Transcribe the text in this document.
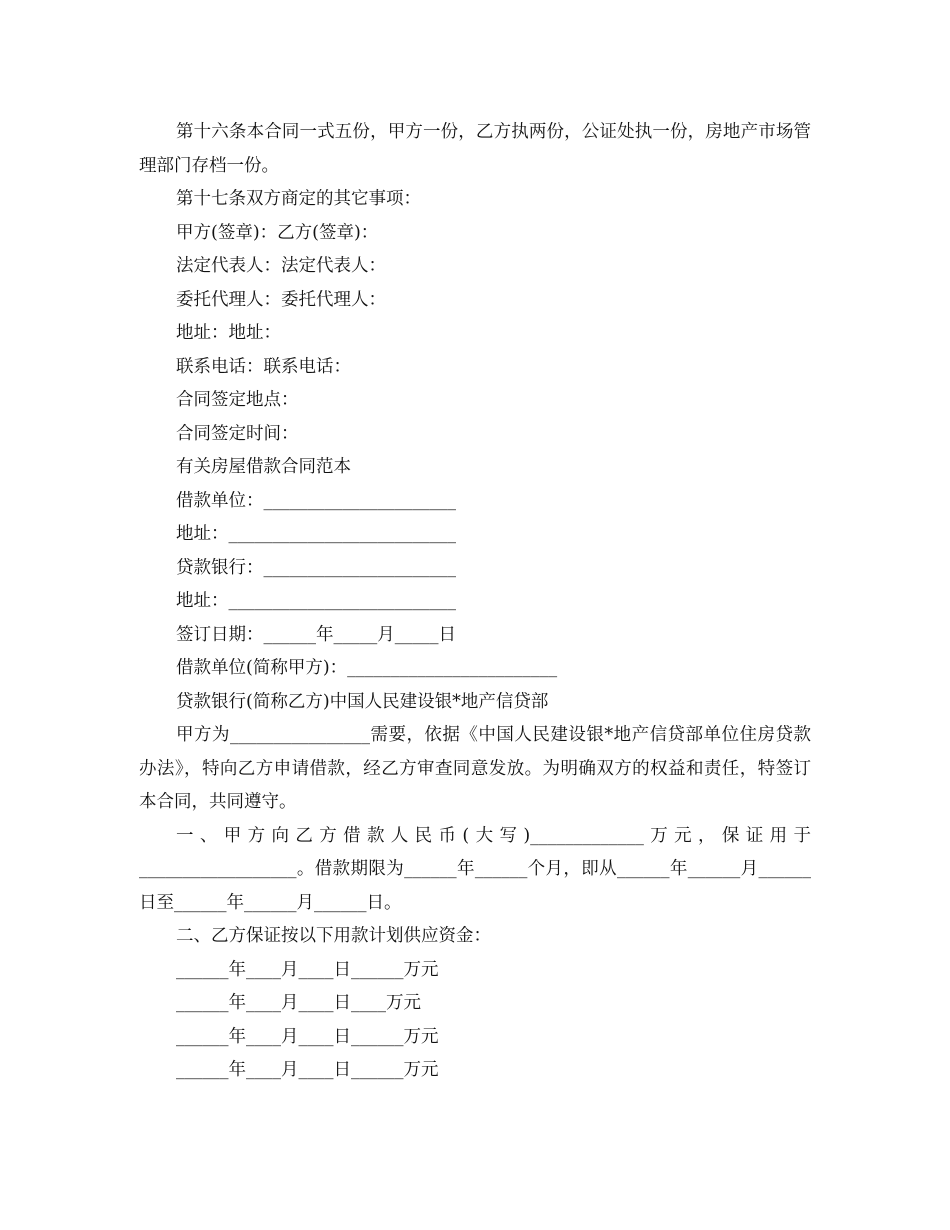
第十六条本合同一式五份，甲方一份，乙方执两份，公证处执一份，房地产市场管理部门存档一份。

第十七条双方商定的其它事项：

甲方(签章)：乙方(签章)：

法定代表人：法定代表人：

委托代理人：委托代理人：

地址：地址：

联系电话：联系电话：

合同签定地点：

合同签定时间：

有关房屋借款合同范本

借款单位：______________________

地址：__________________________

贷款银行：______________________

地址：__________________________

签订日期：______年_____月_____日

借款单位(简称甲方)：________________________

贷款银行(简称乙方)中国人民建设银*地产信贷部

甲方为________________需要，依据《中国人民建设银*地产信贷部单位住房贷款办法》，特向乙方申请借款，经乙方审查同意发放。为明确双方的权益和责任，特签订本合同，共同遵守。

一、甲方向乙方借款人民币(大写)_____________万元，保证用于__________________。借款期限为______年______个月，即从______年______月______日至______年______月______日。

二、乙方保证按以下用款计划供应资金：

______年____月____日______万元

______年____月____日____万元

______年____月____日______万元

______年____月____日______万元
